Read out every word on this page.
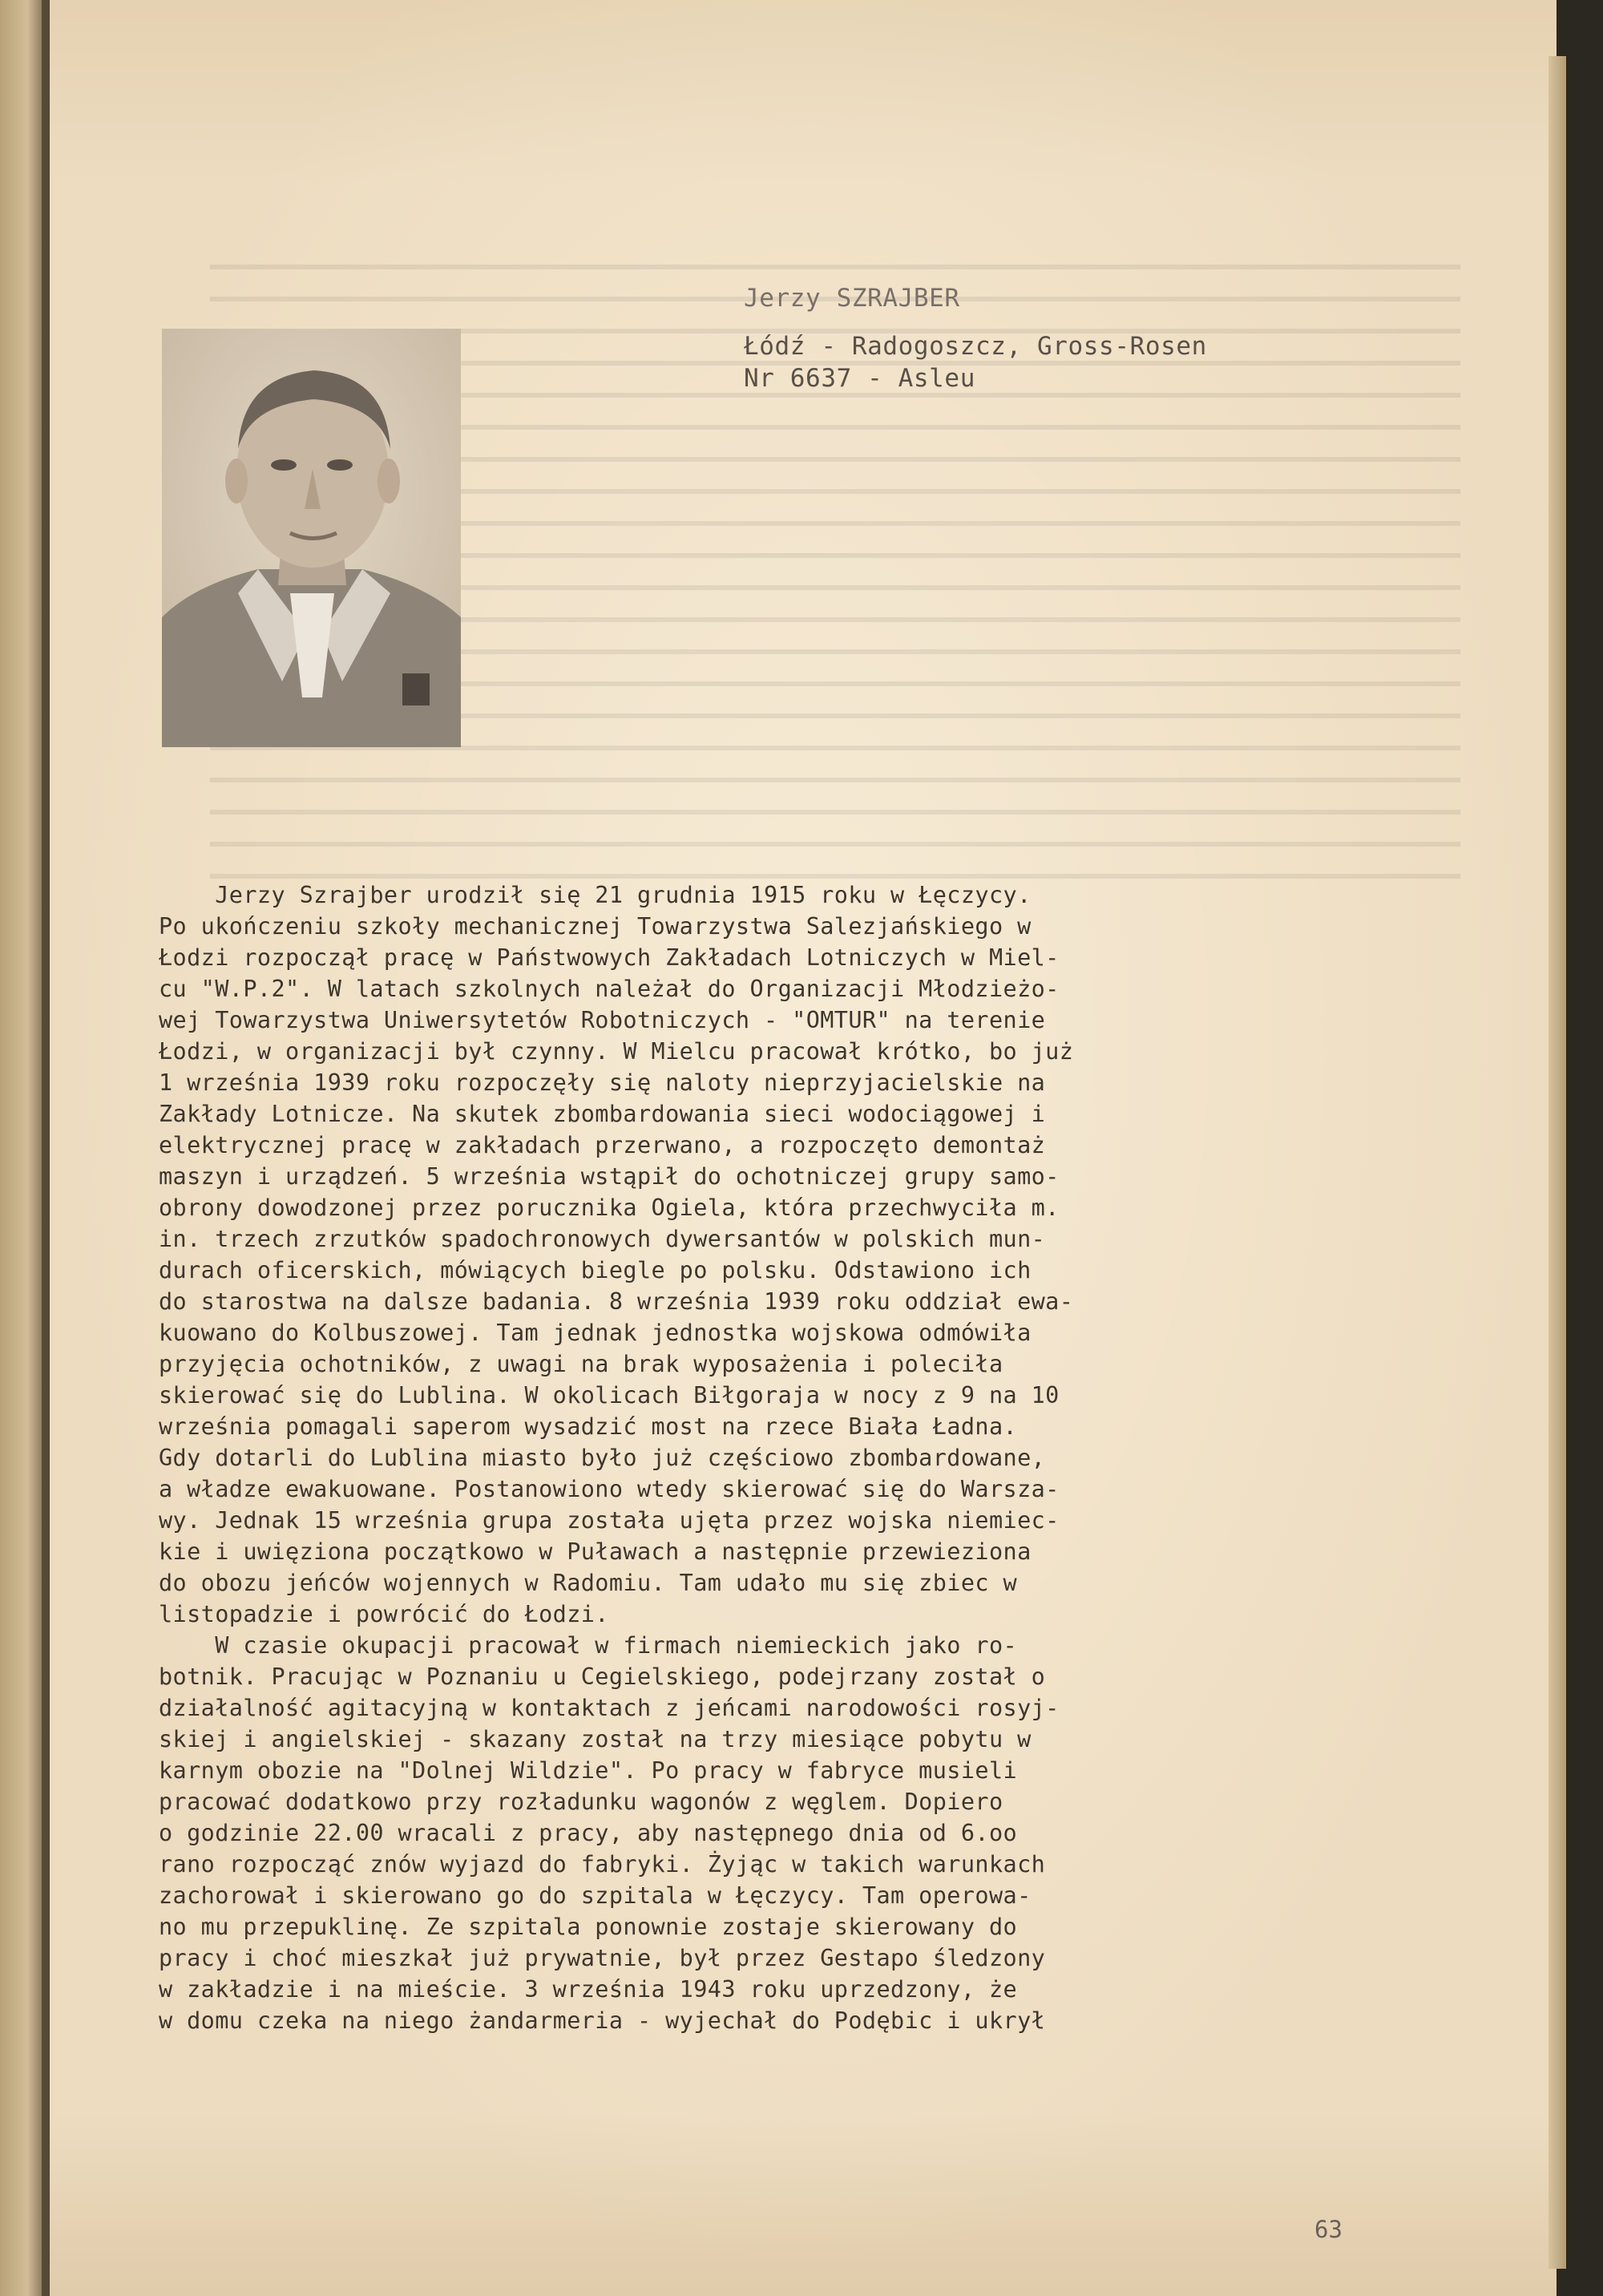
Jerzy SZRAJBER
Łódź - Radogoszcz, Gross-Rosen
Nr 6637 - Asleu
Jerzy Szrajber urodził się 21 grudnia 1915 roku w Łęczycy.
Po ukończeniu szkoły mechanicznej Towarzystwa Salezjańskiego w
Łodzi rozpoczął pracę w Państwowych Zakładach Lotniczych w Miel-
cu "W.P.2". W latach szkolnych należał do Organizacji Młodzieżo-
wej Towarzystwa Uniwersytetów Robotniczych - "OMTUR" na terenie
Łodzi, w organizacji był czynny. W Mielcu pracował krótko, bo już
1 września 1939 roku rozpoczęły się naloty nieprzyjacielskie na
Zakłady Lotnicze. Na skutek zbombardowania sieci wodociągowej i
elektrycznej pracę w zakładach przerwano, a rozpoczęto demontaż
maszyn i urządzeń. 5 września wstąpił do ochotniczej grupy samo-
obrony dowodzonej przez porucznika Ogiela, która przechwyciła m.
in. trzech zrzutków spadochronowych dywersantów w polskich mun-
durach oficerskich, mówiących biegle po polsku. Odstawiono ich
do starostwa na dalsze badania. 8 września 1939 roku oddział ewa-
kuowano do Kolbuszowej. Tam jednak jednostka wojskowa odmówiła
przyjęcia ochotników, z uwagi na brak wyposażenia i poleciła
skierować się do Lublina. W okolicach Biłgoraja w nocy z 9 na 10
września pomagali saperom wysadzić most na rzece Biała Ładna.
Gdy dotarli do Lublina miasto było już częściowo zbombardowane,
a władze ewakuowane. Postanowiono wtedy skierować się do Warsza-
wy. Jednak 15 września grupa została ujęta przez wojska niemiec-
kie i uwięziona początkowo w Puławach a następnie przewieziona
do obozu jeńców wojennych w Radomiu. Tam udało mu się zbiec w
listopadzie i powrócić do Łodzi.
W czasie okupacji pracował w firmach niemieckich jako ro-
botnik. Pracując w Poznaniu u Cegielskiego, podejrzany został o
działalność agitacyjną w kontaktach z jeńcami narodowości rosyj-
skiej i angielskiej - skazany został na trzy miesiące pobytu w
karnym obozie na "Dolnej Wildzie". Po pracy w fabryce musieli
pracować dodatkowo przy rozładunku wagonów z węglem. Dopiero
o godzinie 22.00 wracali z pracy, aby następnego dnia od 6.oo
rano rozpocząć znów wyjazd do fabryki. Żyjąc w takich warunkach
zachorował i skierowano go do szpitala w Łęczycy. Tam operowa-
no mu przepuklinę. Ze szpitala ponownie zostaje skierowany do
pracy i choć mieszkał już prywatnie, był przez Gestapo śledzony
w zakładzie i na mieście. 3 września 1943 roku uprzedzony, że
w domu czeka na niego żandarmeria - wyjechał do Podębic i ukrył
63
